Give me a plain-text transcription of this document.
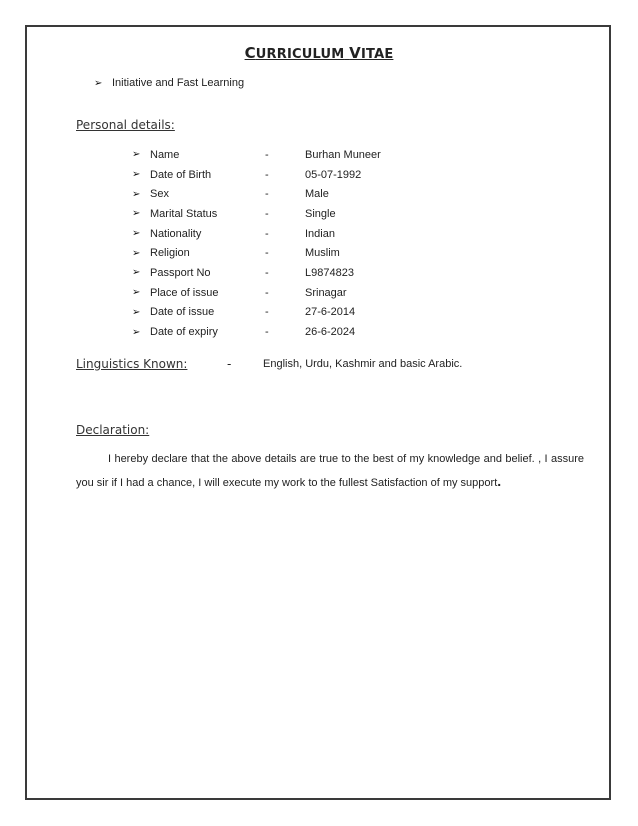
CURRICULUM VITAE
➢ Initiative and Fast Learning
Personal details:
➢ Name	-	Burhan Muneer
➢ Date of Birth	-	05-07-1992
➢ Sex	-	Male
➢ Marital Status	-	Single
➢ Nationality	-	Indian
➢ Religion	-	Muslim
➢ Passport No	-	L9874823
➢ Place of issue	-	Srinagar
➢ Date of issue	-	27-6-2014
➢ Date of expiry	-	26-6-2024
Linguistics Known:	-	English, Urdu, Kashmir and basic Arabic.
Declaration:
I hereby declare that the above details are true to the best of my knowledge and belief. , I assure you sir if I had a chance, I will execute my work to the fullest Satisfaction of my support.
